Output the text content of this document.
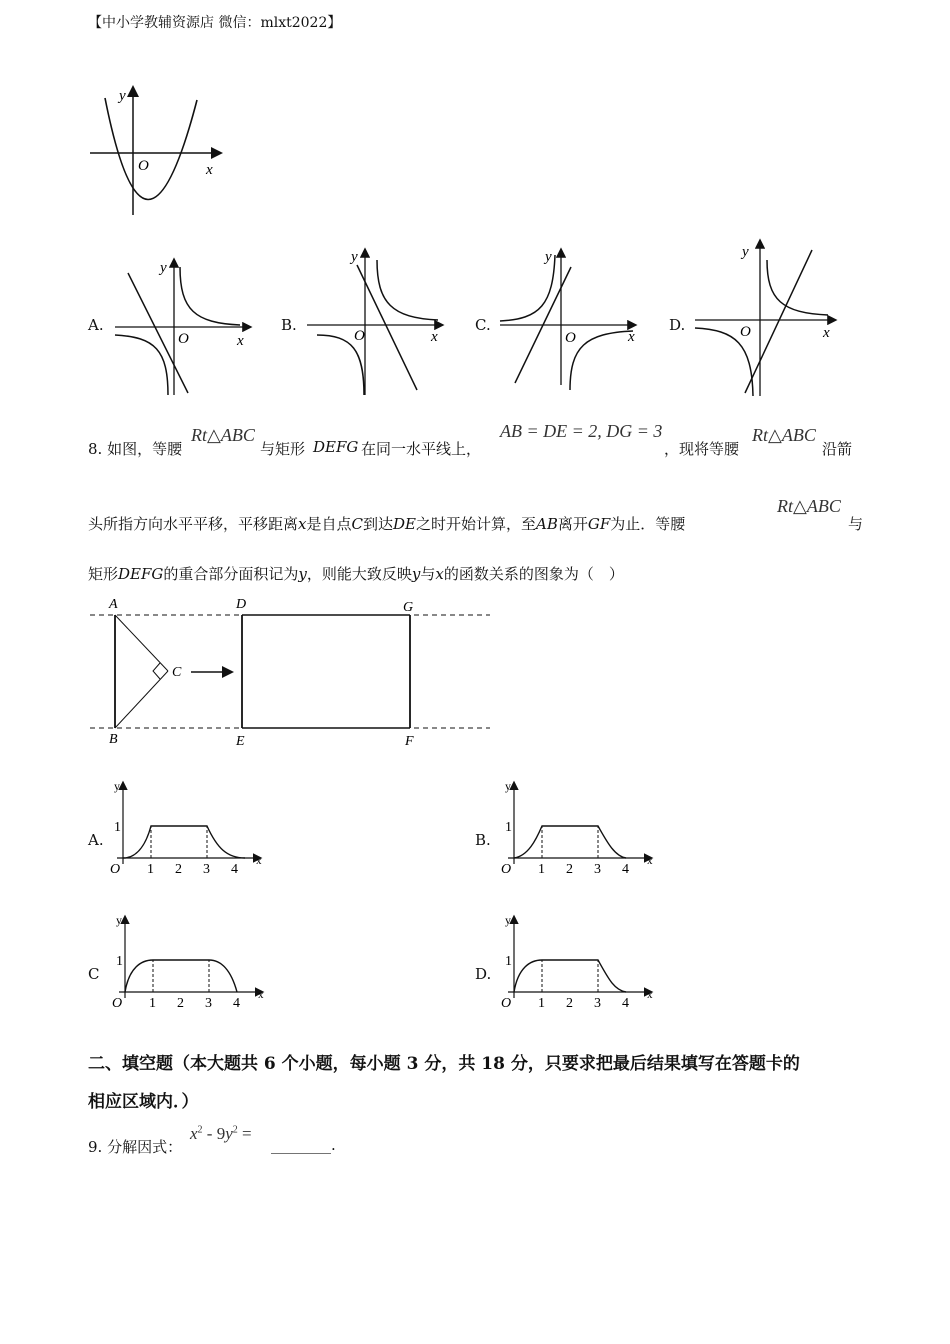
【中小学教辅资源店 微信：mlxt2022】
y
O	x
A.
y
O	x
B.
y
O	x
C.
y
O	x
D.
y
O	x
8. 如图，等腰
Rt△ABC
与矩形 DEFG 在同一水平线上，
AB = DE = 2, DG = 3
，现将等腰
Rt△ABC
沿箭
头所指方向水平平移，平移距离x是自点C到达DE之时开始计算，至AB离开GF为止．等腰
Rt△ABC
与
矩形DEFG的重合部分面积记为y，则能大致反映y与x的函数关系的图象为（　）
A
B
C
D
E
G
F
A.	B.
C	D.
1 2 3 4
1
O
y
x
1 2 3 4
1
O
y
x
1 2 3 4
1
O
y
x
1 2 3 4
1
O
y
x
二、填空题（本大题共 6 个小题，每小题 3 分，共 18 分，只要求把最后结果填写在答题卡的
相应区域内．）
9. 分解因式：
$x^2 - 9y^2$ =
________.
